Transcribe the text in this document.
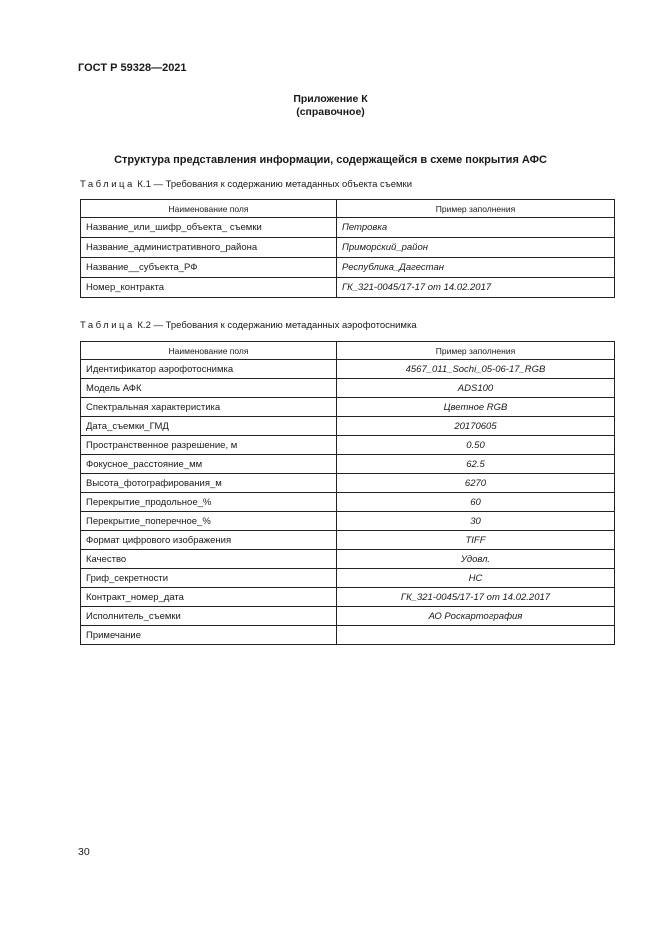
ГОСТ Р 59328—2021
Приложение К
(справочное)
Структура представления информации, содержащейся в схеме покрытия АФС
Таблица К.1 — Требования к содержанию метаданных объекта съемки
Наименование поля	Пример заполнения
Название_или_шифр_объекта_ съемки	Петровка
Название_административного_района	Приморский_район
Название__субъекта_РФ	Республика_Дагестан
Номер_контракта	ГК_321-0045/17-17 от 14.02.2017
Таблица К.2 — Требования к содержанию метаданных аэрофотоснимка
Наименование поля	Пример заполнения
Идентификатор аэрофотоснимка	4567_011_Sochi_05-06-17_RGB
Модель АФК	ADS100
Спектральная характеристика	Цветное RGB
Дата_съемки_ГМД	20170605
Пространственное разрешение, м	0.50
Фокусное_расстояние_мм	62.5
Высота_фотографирования_м	6270
Перекрытие_продольное_%	60
Перекрытие_поперечное_%	30
Формат цифрового изображения	TIFF
Качество	Удовл.
Гриф_секретности	НС
Контракт_номер_дата	ГК_321-0045/17-17 от 14.02.2017
Исполнитель_съемки	АО Роскартография
Примечание	
30
